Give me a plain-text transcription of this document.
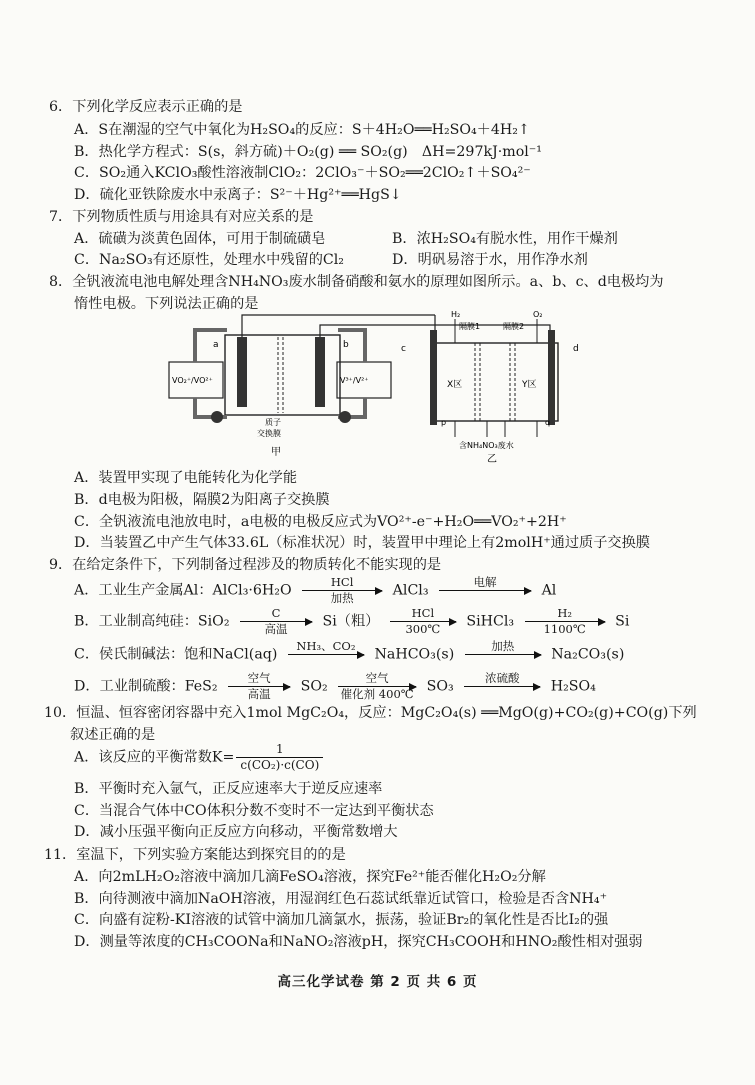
6．下列化学反应表示正确的是
A．S在潮湿的空气中氧化为H₂SO₄的反应：S＋4H₂O══H₂SO₄＋4H₂↑
B．热化学方程式：S(s，斜方硫)＋O₂(g) ══ SO₂(g)　ΔH=297kJ·mol⁻¹
C．SO₂通入KClO₃酸性溶液制ClO₂：2ClO₃⁻＋SO₂══2ClO₂↑＋SO₄²⁻
D．硫化亚铁除废水中汞离子：S²⁻＋Hg²⁺══HgS↓
7．下列物质性质与用途具有对应关系的是
A．硫磺为淡黄色固体，可用于制硫磺皂	B．浓H₂SO₄有脱水性，用作干燥剂
C．Na₂SO₃有还原性，处理水中残留的Cl₂	D．明矾易溶于水，用作净水剂
8．全钒液流电池电解处理含NH₄NO₃废水制备硝酸和氨水的原理如图所示。a、b、c、d电极均为
惰性电极。下列说法正确的是
a	b	c	d
VO₂⁺/VO²⁺	V³⁺/V²⁺
质子
交换膜
甲
H₂	O₂
隔膜1	隔膜2
X区	Y区
p	q
含NH₄NO₃废水
乙
A．装置甲实现了电能转化为化学能
B．d电极为阳极，隔膜2为阳离子交换膜
C．全钒液流电池放电时，a电极的电极反应式为VO²⁺-e⁻+H₂O══VO₂⁺+2H⁺
D．当装置乙中产生气体33.6L（标准状况）时，装置甲中理论上有2molH⁺通过质子交换膜
9．在给定条件下，下列制备过程涉及的物质转化不能实现的是
A．工业生产金属Al：AlCl₃·6H₂O
HCl
加热	AlCl₃
电解

Al
B．工业制高纯硅：SiO₂
C
高温	Si（粗）
HCl
300℃	SiHCl₃ $\frac{\text{H₂}}{1100℃}$ Si
C．侯氏制碱法：饱和NaCl(aq)
NH₃、CO₂

NaHCO₃(s)
加热

Na₂CO₃(s)
D．工业制硫酸：FeS₂
空气
高温	SO₂
空气
催化剂 400℃ SO₃
浓硫酸

H₂SO₄
10．恒温、恒容密闭容器中充入1mol MgC₂O₄，反应：MgC₂O₄(s) ══MgO(g)+CO₂(g)+CO(g)下列
叙述正确的是
A．该反应的平衡常数$K= \frac{1}{\text{c(CO₂)·c(CO)}}$
B．平衡时充入氩气，正反应速率大于逆反应速率
C．当混合气体中CO体积分数不变时不一定达到平衡状态
D．减小压强平衡向正反应方向移动，平衡常数增大
11．室温下，下列实验方案能达到探究目的的是
A．向2mLH₂O₂溶液中滴加几滴FeSO₄溶液，探究Fe²⁺能否催化H₂O₂分解
B．向待测液中滴加NaOH溶液，用湿润红色石蕊试纸靠近试管口，检验是否含NH₄⁺
C．向盛有淀粉-KI溶液的试管中滴加几滴氯水，振荡，验证Br₂的氧化性是否比I₂的强
D．测量等浓度的CH₃COONa和NaNO₂溶液pH，探究CH₃COOH和HNO₂酸性相对强弱
高三化学试卷 第 2 页 共 6 页
